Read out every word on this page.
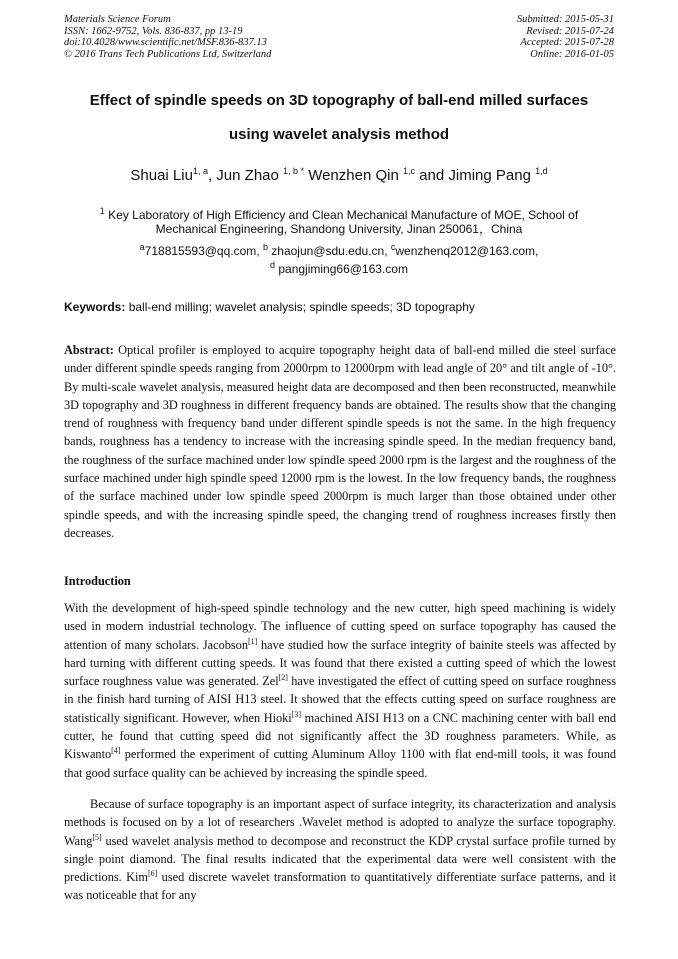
Materials Science Forum
ISSN: 1662-9752, Vols. 836-837, pp 13-19
doi:10.4028/www.scientific.net/MSF.836-837.13
© 2016 Trans Tech Publications Ltd, Switzerland
Submitted: 2015-05-31
Revised: 2015-07-24
Accepted: 2015-07-28
Online: 2016-01-05
Effect of spindle speeds on 3D topography of ball-end milled surfaces
using wavelet analysis method
Shuai Liu$^{1, a}$, Jun Zhao $^{1, b *}$ Wenzhen Qin $^{1,c}$ and Jiming Pang $^{1,d}$
$^1$ Key Laboratory of High Efficiency and Clean Mechanical Manufacture of MOE, School of
Mechanical Engineering, Shandong University, Jinan 250061，China
$^a$718815593@qq.com, $^b$ zhaojun@sdu.edu.cn, $^c$wenzhenq2012@163.com,
$^d$ pangjiming66@163.com
Keywords: ball-end milling; wavelet analysis; spindle speeds; 3D topography
Abstract: Optical profiler is employed to acquire topography height data of ball-end milled die steel surface under different spindle speeds ranging from 2000rpm to 12000rpm with lead angle of 20° and tilt angle of -10°. By multi-scale wavelet analysis, measured height data are decomposed and then been reconstructed, meanwhile 3D topography and 3D roughness in different frequency bands are obtained. The results show that the changing trend of roughness with frequency band under different spindle speeds is not the same. In the high frequency bands, roughness has a tendency to increase with the increasing spindle speed. In the median frequency band, the roughness of the surface machined under low spindle speed 2000 rpm is the largest and the roughness of the surface machined under high spindle speed 12000 rpm is the lowest. In the low frequency bands, the roughness of the surface machined under low spindle speed 2000rpm is much larger than those obtained under other spindle speeds, and with the increasing spindle speed, the changing trend of roughness increases firstly then decreases.
Introduction
With the development of high-speed spindle technology and the new cutter, high speed machining is widely used in modern industrial technology. The influence of cutting speed on surface topography has caused the attention of many scholars. Jacobson[1] have studied how the surface integrity of bainite steels was affected by hard turning with different cutting speeds. It was found that there existed a cutting speed of which the lowest surface roughness value was generated. Zel[2] have investigated the effect of cutting speed on surface roughness in the finish hard turning of AISI H13 steel. It showed that the effects cutting speed on surface roughness are statistically significant. However, when Hioki[3] machined AISI H13 on a CNC machining center with ball end cutter, he found that cutting speed did not significantly affect the 3D roughness parameters. While, as Kiswanto[4] performed the experiment of cutting Aluminum Alloy 1100 with flat end-mill tools, it was found that good surface quality can be achieved by increasing the spindle speed.
Because of surface topography is an important aspect of surface integrity, its characterization and analysis methods is focused on by a lot of researchers .Wavelet method is adopted to analyze the surface topography. Wang[5] used wavelet analysis method to decompose and reconstruct the KDP crystal surface profile turned by single point diamond. The final results indicated that the experimental data were well consistent with the predictions. Kim[6] used discrete wavelet transformation to quantitatively differentiate surface patterns, and it was noticeable that for any
